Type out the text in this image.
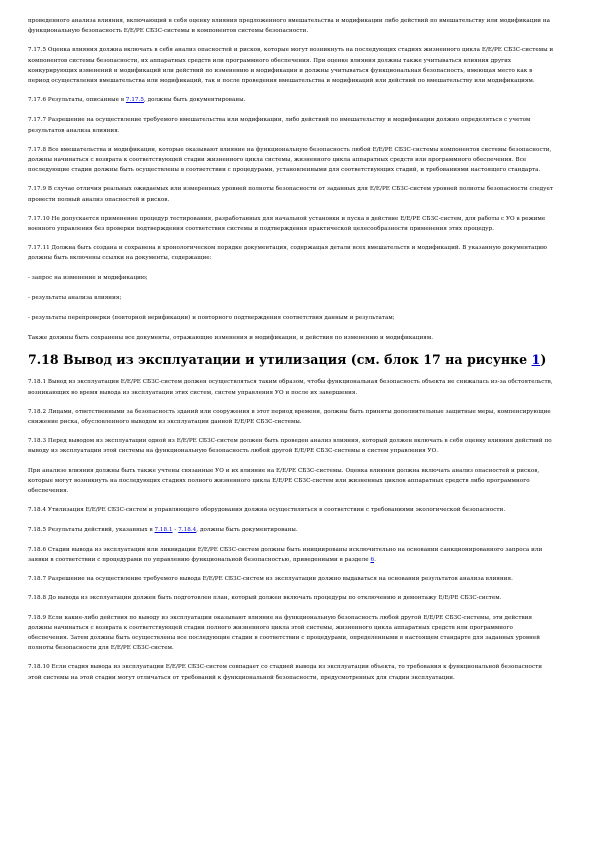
проведенного анализа влияния, включающий в себя оценку влияния предложенного вмешательства и модификации либо действий по вмешательству или модификации на функциональную безопасность Е/Е/РЕ СБЗС-системы и компонентов системы безопасности.

7.17.5 Оценка влияния должна включать в себя анализ опасностей и рисков, которые могут возникнуть на последующих стадиях жизненного цикла Е/Е/РЕ СБЗС-системы и компонентов системы безопасности, их аппаратных средств или программного обеспечения. При оценке влияния должны также учитываться влияния других конкурирующих изменений и модификаций или действий по изменению и модификации и должны учитываться функциональная безопасность, имеющая место как в период осуществления вмешательства или модификаций, так и после проведения вмешательства и модификаций или действий по вмешательству или модификациям.

7.17.6 Результаты, описанные в 7.17.5, должны быть документированы.

7.17.7 Разрешение на осуществление требуемого вмешательства или модификации, либо действий по вмешательству и модификации должно определяться с учетом результатов анализа влияния.

7.17.8 Все вмешательства и модификации, которые оказывают влияние на функциональную безопасность любой Е/Е/РЕ СБЗС-системы компонентов системы безопасности, должны начинаться с возврата к соответствующей стадии жизненного цикла системы, жизненного цикла аппаратных средств или программного обеспечения. Все последующие стадии должны быть осуществлены в соответствии с процедурами, установленными для соответствующих стадий, и требованиями настоящего стандарта.

7.17.9 В случае отличия реальных ожидаемых или измеренных уровней полноты безопасности от заданных для Е/Е/РЕ СБЗС-систем уровней полноты безопасности следует провести полный анализ опасностей и рисков.

7.17.10 Не допускается применение процедур тестирования, разработанных для начальной установки и пуска в действие Е/Е/РЕ СБЗС-систем, для работы с УО в режиме военного управления без проверки подтверждения соответствия системы и подтверждения практической целесообразности применения этих процедур.

7.17.11 Должна быть создана и сохранена в хронологическом порядке документация, содержащая детали всех вмешательств и модификаций. В указанную документацию должны быть включены ссылки на документы, содержащие:

- запрос на изменение и модификацию;

- результаты анализа влияния;

- результаты перепроверки (повторной верификации) и повторного подтверждения соответствия данным и результатам;

Также должны быть сохранены все документы, отражающие изменения и модификации, и действия по изменению и модификациям.

7.18 Вывод из эксплуатации и утилизация (см. блок 17 на рисунке 1)

7.18.1 Вывод из эксплуатации Е/Е/РЕ СБЗС-систем должен осуществляться таким образом, чтобы функциональная безопасность объекта не снижалась из-за обстоятельств, возникающих во время вывода из эксплуатации этих систем, систем управления УО и после их завершения.

7.18.2 Лицами, ответственными за безопасность зданий или сооружения в этот период времени, должны быть приняты дополнительные защитные меры, компенсирующие снижение риска, обусловленного выводом из эксплуатации данной Е/Е/РЕ СБЗС-системы.

7.18.3 Перед выводом из эксплуатации одной из Е/Е/РЕ СБЗС-систем должен быть проведен анализ влияния, который должен включать в себя оценку влияния действий по выводу из эксплуатации этой системы на функциональную безопасность любой другой Е/Е/РЕ СБЗС-системы и систем управления УО.

При анализе влияния должны быть также учтены связанные УО и их влияние на Е/Е/РЕ СБЗС-системы. Оценка влияния должна включать анализ опасностей и рисков, которые могут возникнуть на последующих стадиях полного жизненного цикла Е/Е/РЕ СБЗС-систем или жизненных циклов аппаратных средств либо программного обеспечения.

7.18.4 Утилизация Е/Е/РЕ СБЗС-систем и управляющего оборудования должна осуществляться в соответствии с требованиями экологической безопасности.

7.18.5 Результаты действий, указанных в 7.18.1 - 7.18.4, должны быть документированы.

7.18.6 Стадии вывода из эксплуатации или ликвидации Е/Е/РЕ СБЗС-систем должны быть инициированы исключительно на основании санкционированного запроса или заявки в соответствии с процедурами по управлению функциональной безопасностью, приведенными в разделе 6.

7.18.7 Разрешение на осуществление требуемого вывода Е/Е/РЕ СБЗС-систем из эксплуатации должно выдаваться на основании результатов анализа влияния.

7.18.8 До вывода из эксплуатации должен быть подготовлен план, который должен включать процедуры по отключению и демонтажу Е/Е/РЕ СБЗС-систем.

7.18.9 Если какие-либо действия по выводу из эксплуатации оказывают влияние на функциональную безопасность любой другой Е/Е/РЕ СБЗС-системы, эти действия должны начинаться с возврата к соответствующей стадии полного жизненного цикла этой системы, жизненного цикла аппаратных средств или программного обеспечения. Затем должны быть осуществлены все последующие стадии в соответствии с процедурами, определенными в настоящем стандарте для заданных уровней полноты безопасности для Е/Е/РЕ СБЗС-систем.

7.18.10 Если стадия вывода из эксплуатации Е/Е/РЕ СБЗС-систем совпадает со стадией вывода из эксплуатации объекта, то требования к функциональной безопасности этой системы на этой стадии могут отличаться от требований к функциональной безопасности, предусмотренных для стадии эксплуатации.
